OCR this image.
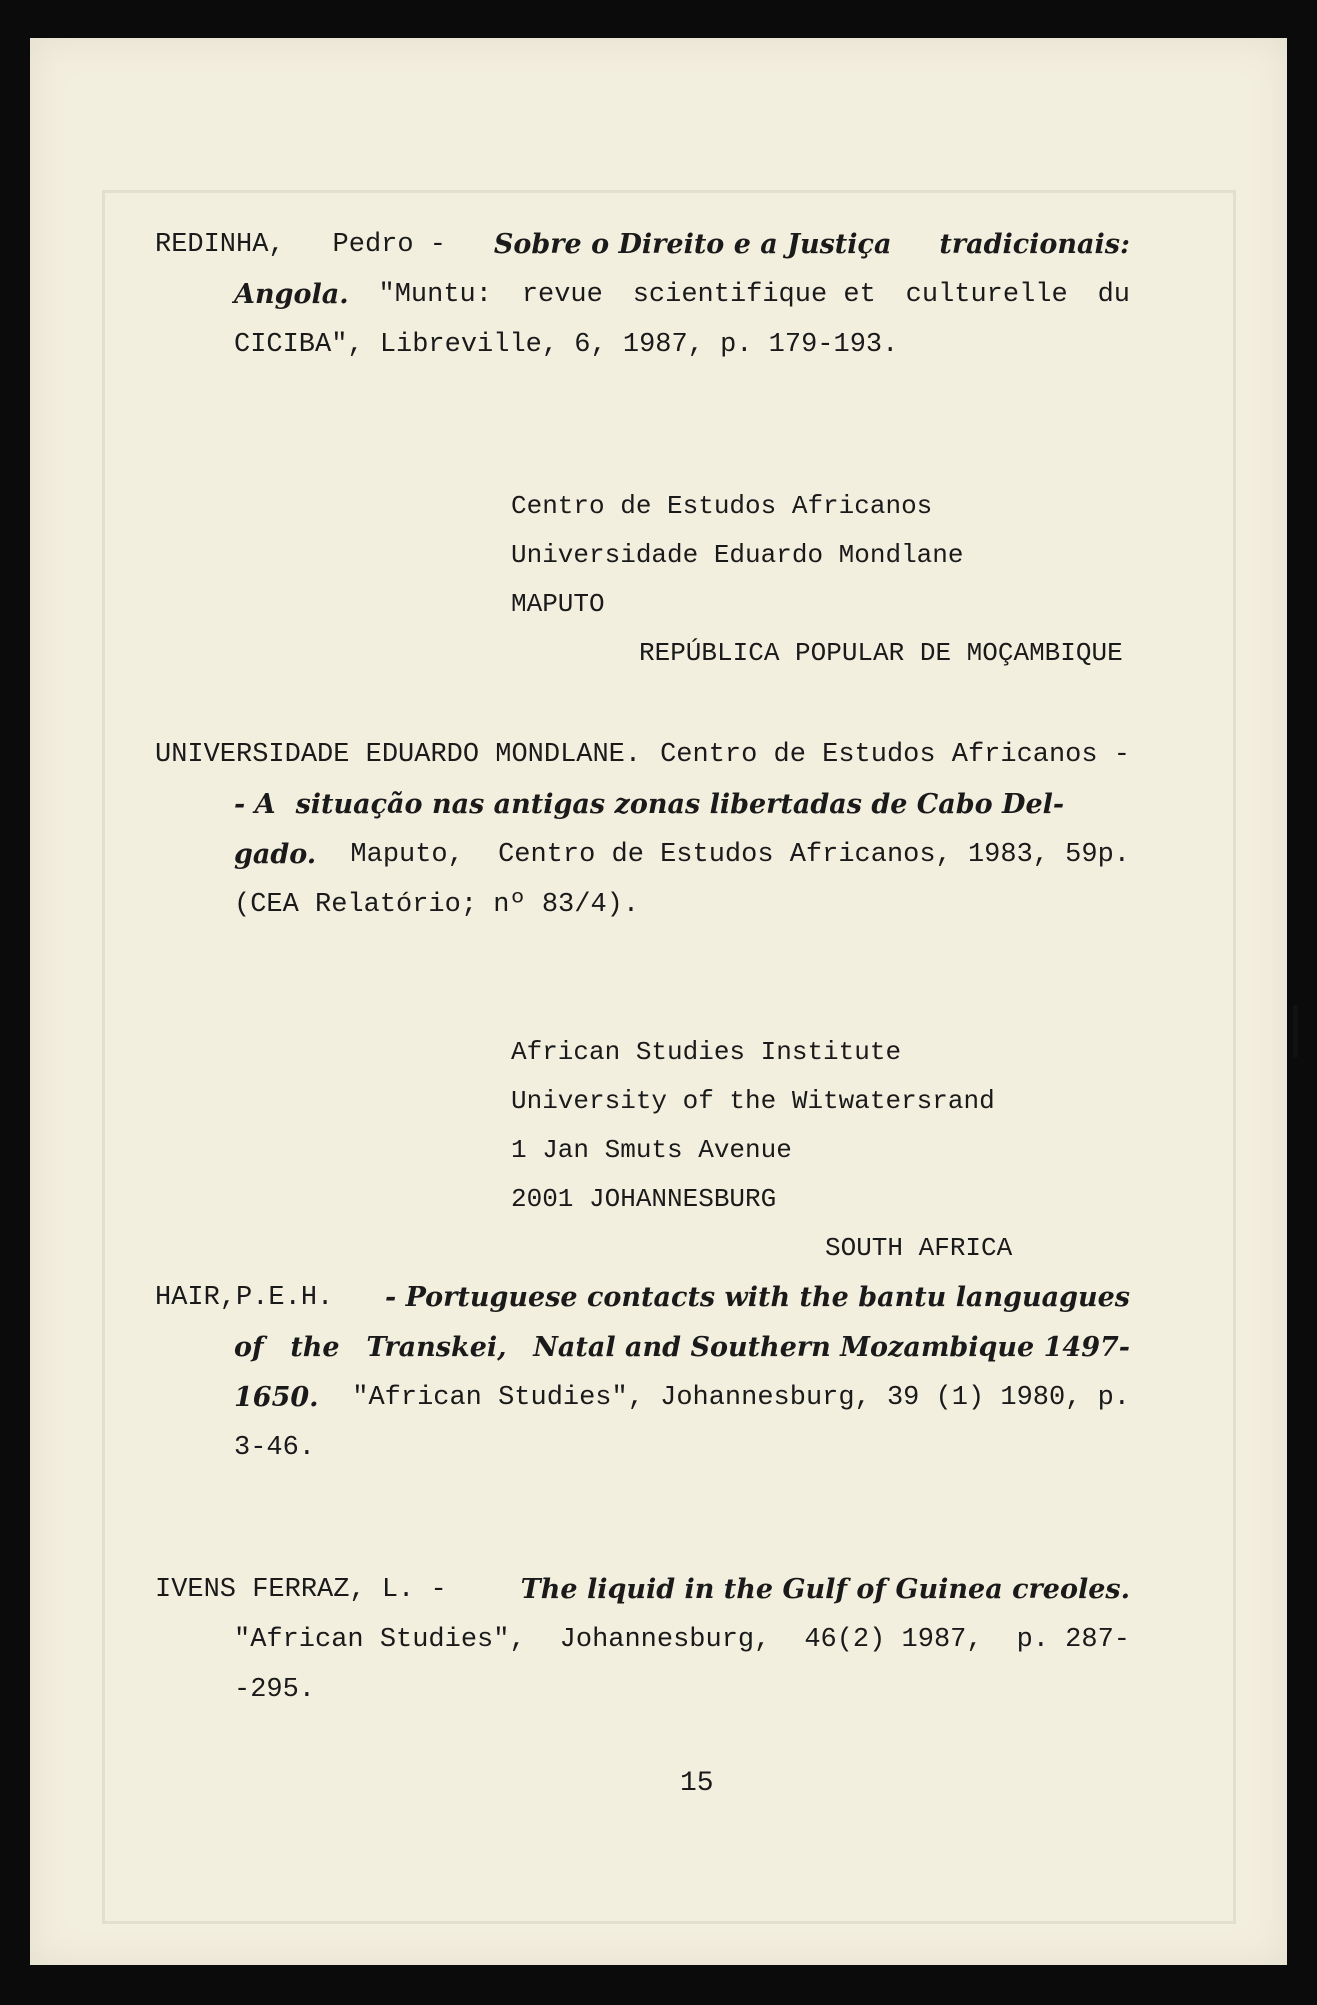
REDINHA, Pedro - Sobre o Direito e a Justiça tradicionais:
Angola. "Muntu: revue scientifique et culturelle du
CICIBA", Libreville, 6, 1987, p. 179-193.
Centro de Estudos Africanos
Universidade Eduardo Mondlane
MAPUTO
REPÚBLICA POPULAR DE MOÇAMBIQUE
UNIVERSIDADE EDUARDO MONDLANE. Centro de Estudos Africanos -
- A situação nas antigas zonas libertadas de Cabo Del-
gado. Maputo, Centro de Estudos Africanos, 1983, 59p.
(CEA Relatório; nº 83/4).
African Studies Institute
University of the Witwatersrand
1 Jan Smuts Avenue
2001 JOHANNESBURG
SOUTH AFRICA
HAIR,P.E.H. - Portuguese contacts with the bantu languagues
of the Transkei, Natal and Southern Mozambique 1497-
1650. "African Studies", Johannesburg, 39 (1) 1980, p.
3-46.
IVENS FERRAZ, L. -	The liquid in the Gulf of Guinea creoles.
"African Studies", Johannesburg, 46(2) 1987, p. 287-
-295.
15
